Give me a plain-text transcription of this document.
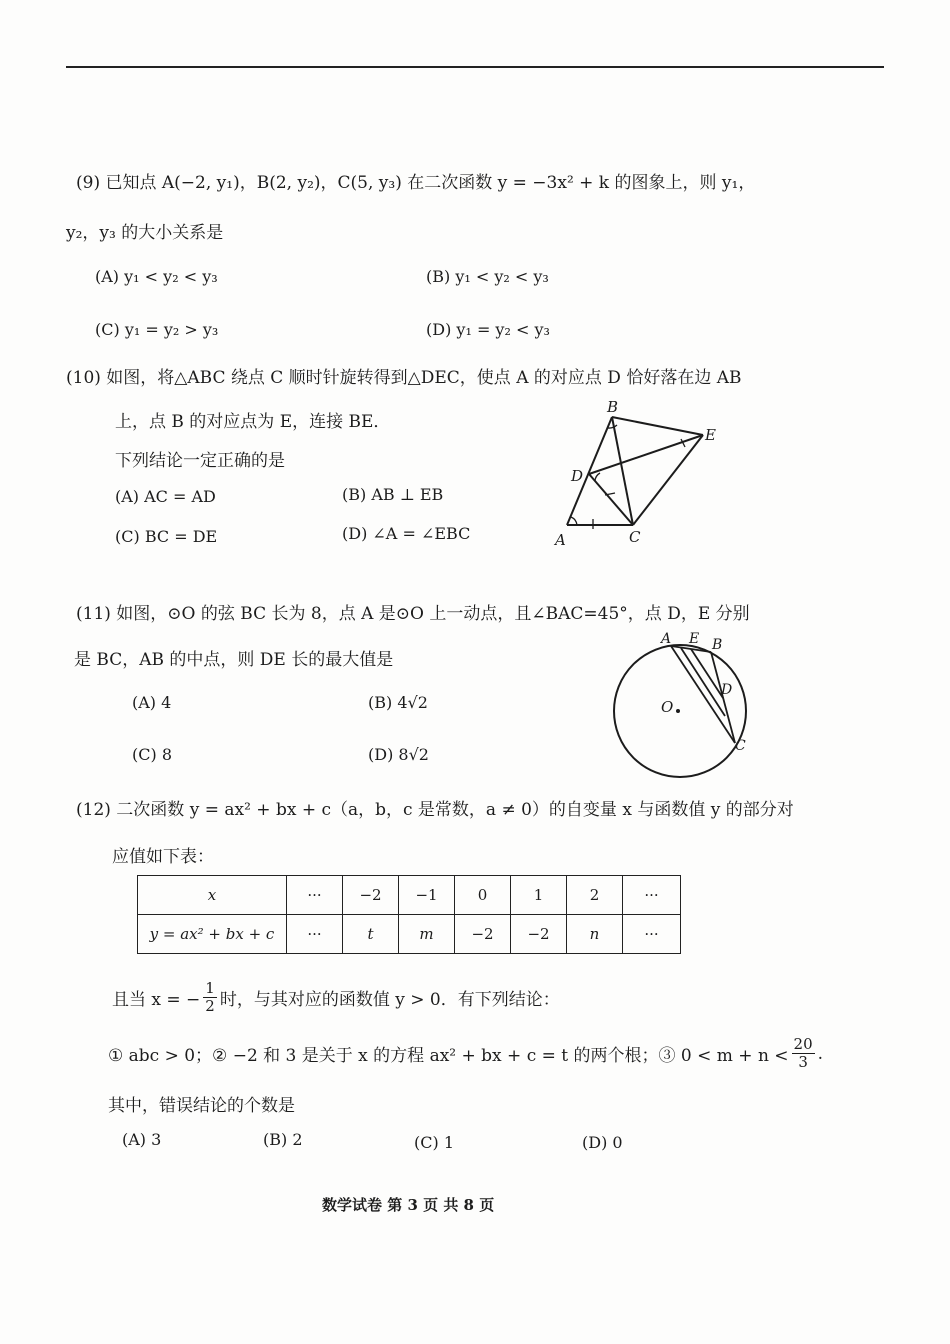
(9) 已知点 A(−2, y₁)，B(2, y₂)，C(5, y₃) 在二次函数 y = −3x² + k 的图象上，则 y₁，
y₂，y₃ 的大小关系是
(A) y₁ < y₂ < y₃	(B) y₁ < y₂ < y₃
(C) y₁ = y₂ > y₃	(D) y₁ = y₂ < y₃
(10) 如图，将△ABC 绕点 C 顺时针旋转得到△DEC，使点 A 的对应点 D 恰好落在边 AB
上，点 B 的对应点为 E，连接 BE．
下列结论一定正确的是
(A) AC = AD	(B) AB ⊥ EB
(C) BC = DE	(D) ∠A = ∠EBC
B
E
D
A	C
(11) 如图，⊙O 的弦 BC 长为 8，点 A 是⊙O 上一动点，且∠BAC=45°，点 D，E 分别
是 BC，AB 的中点，则 DE 长的最大值是
(A) 4	(B) 4√2
(C) 8	(D) 8√2
O
A E B
D
C
(12) 二次函数 y = ax² + bx + c（a，b，c 是常数，a ≠ 0）的自变量 x 与函数值 y 的部分对
应值如下表：
x	···	−2	−1	0	1	2	···
y = ax² + bx + c	···	t	m	−2	−2	n	···
且当 x = − $\frac{1}{2}$ 时，与其对应的函数值 y > 0．有下列结论：
① abc > 0；② −2 和 3 是关于 x 的方程 ax² + bx + c = t 的两个根；③ $0 < m + n < \frac{20}{3}$ .
其中，错误结论的个数是
(A) 3	(B) 2	(C) 1	(D) 0
数学试卷 第 3 页 共 8 页
